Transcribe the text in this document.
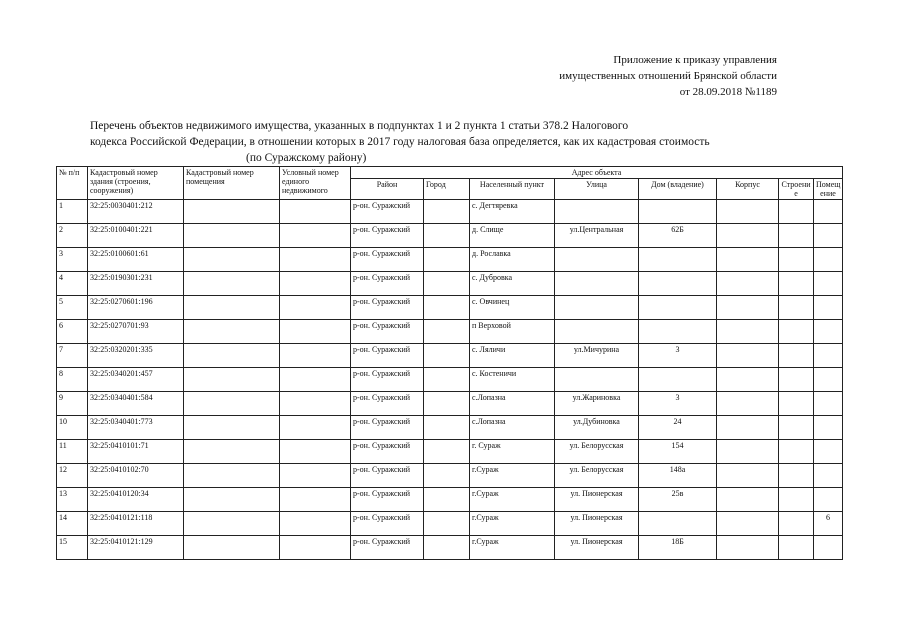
Приложение к приказу управления
имущественных отношений Брянской области
от 28.09.2018 №1189
Перечень объектов недвижимого имущества, указанных в подпунктах 1 и 2 пункта 1 статьи 378.2 Налогового
кодекса Российской Федерации, в отношении которых в 2017 году налоговая база определяется, как их кадастровая стоимость
(по Суражскому району)
№ п/п	Кадастровый номер здания (строения, сооружения)	Кадастровый номер помещения	Условный номер единого недвижимого	Адрес объекта							
				Район	Город	Населенный пункт	Улица	Дом (владение)	Корпус	Строени е	Помещ ение
1	32:25:0030401:212			р-он. Суражский		с. Дегтяревка					
2	32:25:0100401:221			р-он. Суражский		д. Слище	ул.Центральная	62Б			
3	32:25:0100601:61			р-он. Суражский		д. Рославка					
4	32:25:0190301:231			р-он. Суражский		с. Дубровка					
5	32:25:0270601:196			р-он. Суражский		с. Овчинец					
6	32:25:0270701:93			р-он. Суражский		п Верховой					
7	32:25:0320201:335			р-он. Суражский		с. Ляличи	ул.Мичурина	3			
8	32:25:0340201:457			р-он. Суражский		с. Костеничи					
9	32:25:0340401:584			р-он. Суражский		с.Лопазна	ул.Жариновка	3			
10	32:25:0340401:773			р-он. Суражский		с.Лопазна	ул.Дубиновка	24			
11	32:25:0410101:71			р-он. Суражский		г. Сураж	ул. Белорусская	154			
12	32:25:0410102:70			р-он. Суражский		г.Сураж	ул. Белорусская	148а			
13	32:25:0410120:34			р-он. Суражский		г.Сураж	ул. Пионерская	25в			
14	32:25:0410121:118			р-он. Суражский		г.Сураж	ул. Пионерская				6
15	32:25:0410121:129			р-он. Суражский		г.Сураж	ул. Пионерская	18Б			
